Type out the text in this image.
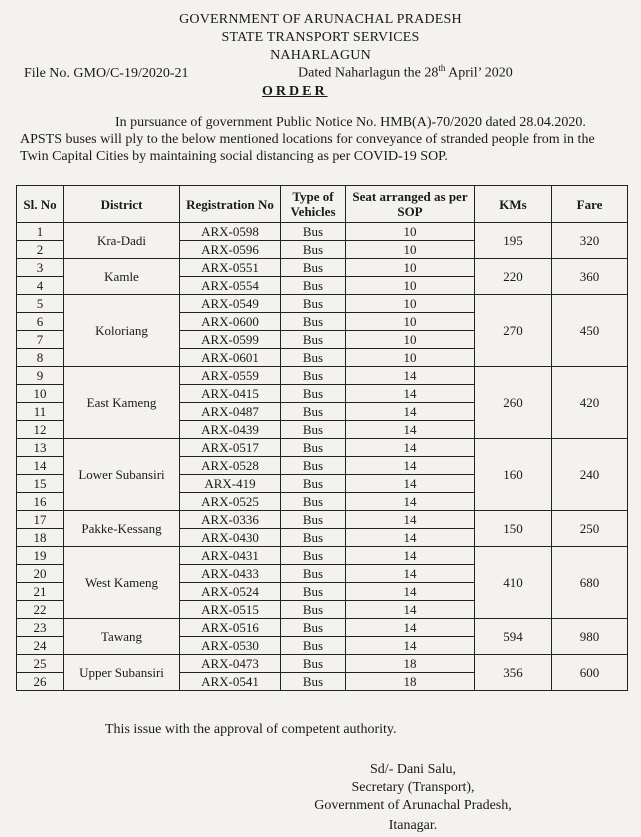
GOVERNMENT OF ARUNACHAL PRADESH
STATE TRANSPORT SERVICES
NAHARLAGUN
File No. GMO/C-19/2020-21	Dated Naharlagun the 28th April’ 2020
ORDER
In pursuance of government Public Notice No. HMB(A)-70/2020 dated 28.04.2020. APSTS buses will ply to the below mentioned locations for conveyance of stranded people from in the Twin Capital Cities by maintaining social distancing as per COVID-19 SOP.
Sl. No	District	Registration No	Type of Vehicles	Seat arranged as per SOP	KMs	Fare
1	Kra-Dadi	ARX-0598	Bus	10	195	320
2		ARX-0596	Bus	10		
3	Kamle	ARX-0551	Bus	10	220	360
4		ARX-0554	Bus	10		
5	Koloriang	ARX-0549	Bus	10	270	450
6		ARX-0600	Bus	10		
7		ARX-0599	Bus	10		
8		ARX-0601	Bus	10		
9	East Kameng	ARX-0559	Bus	14	260	420
10		ARX-0415	Bus	14		
11		ARX-0487	Bus	14		
12		ARX-0439	Bus	14		
13	Lower Subansiri	ARX-0517	Bus	14	160	240
14		ARX-0528	Bus	14		
15		ARX-419	Bus	14		
16		ARX-0525	Bus	14		
17	Pakke-Kessang	ARX-0336	Bus	14	150	250
18		ARX-0430	Bus	14		
19	West Kameng	ARX-0431	Bus	14	410	680
20		ARX-0433	Bus	14		
21		ARX-0524	Bus	14		
22		ARX-0515	Bus	14		
23	Tawang	ARX-0516	Bus	14	594	980
24		ARX-0530	Bus	14		
25	Upper Subansiri	ARX-0473	Bus	18	356	600
26		ARX-0541	Bus	18		
This issue with the approval of competent authority.
Sd/- Dani Salu,
Secretary (Transport),
Government of Arunachal Pradesh,
Itanagar.
